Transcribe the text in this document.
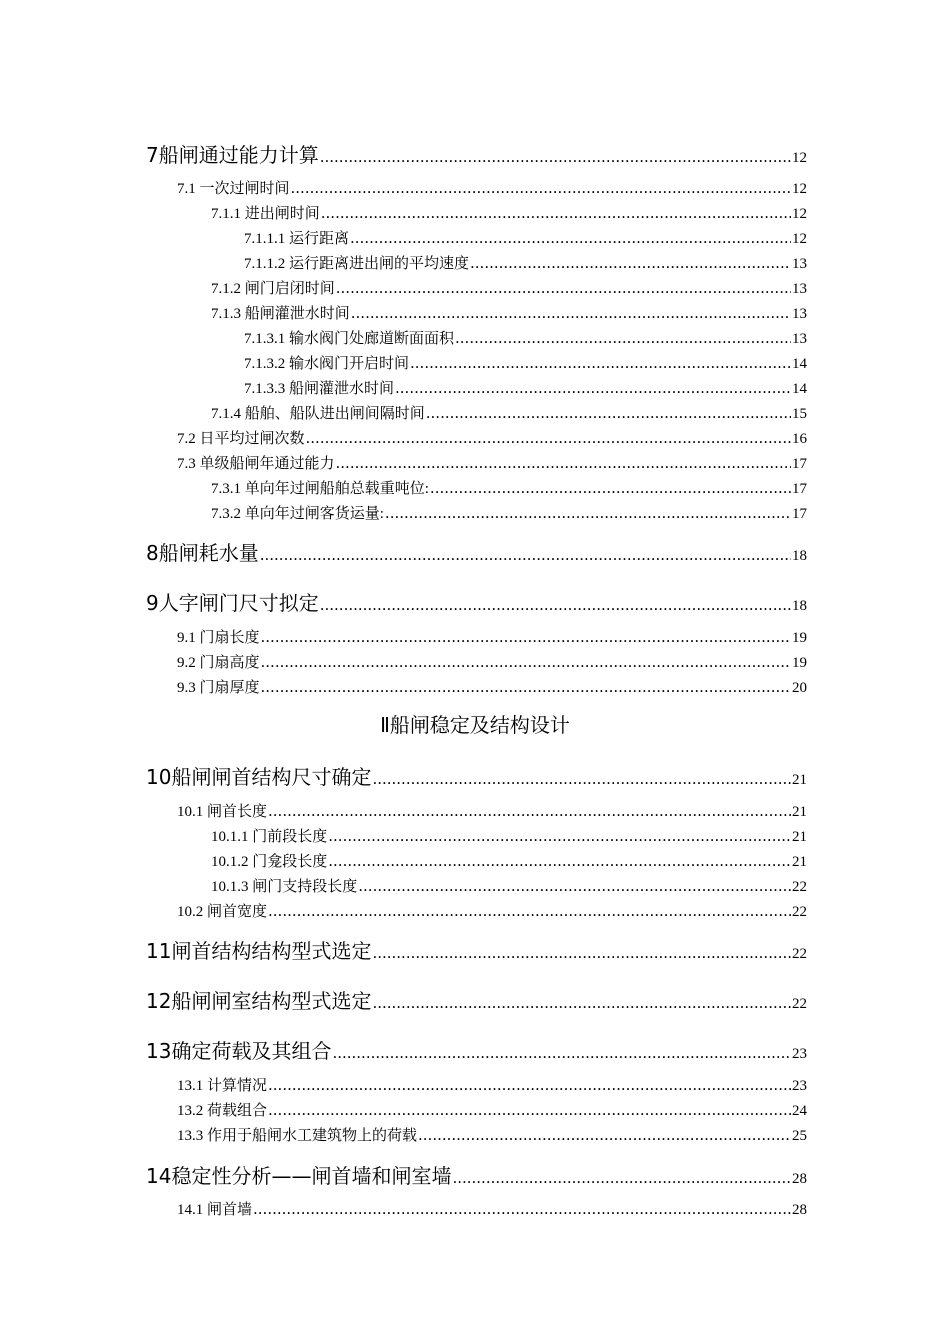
7船闸通过能力计算 .....	12
7.1 一次过闸时间 .....	12
7.1.1 进出闸时间 .....	12
7.1.1.1 运行距离 .....	12
7.1.1.2 运行距离进出闸的平均速度 .....	13
7.1.2 闸门启闭时间 .....	13
7.1.3 船闸灌泄水时间 .....	13
7.1.3.1 输水阀门处廊道断面面积 .....	13
7.1.3.2 输水阀门开启时间 .....	14
7.1.3.3 船闸灌泄水时间 .....	14
7.1.4 船舶、船队进出闸间隔时间 .....	15
7.2 日平均过闸次数 .....	16
7.3 单级船闸年通过能力 .....	17
7.3.1 单向年过闸船舶总载重吨位: .....	17
7.3.2 单向年过闸客货运量: .....	17
8船闸耗水量 .....	18
9人字闸门尺寸拟定 .....	18
9.1 门扇长度 .....	19
9.2 门扇高度 .....	19
9.3 门扇厚度 .....	20
Ⅱ船闸稳定及结构设计
10船闸闸首结构尺寸确定 .....	21
10.1 闸首长度 .....	21
10.1.1 门前段长度 .....	21
10.1.2 门龛段长度 .....	21
10.1.3 闸门支持段长度 .....	22
10.2 闸首宽度 .....	22
11闸首结构结构型式选定 .....	22
12船闸闸室结构型式选定 .....	22
13确定荷载及其组合 .....	23
13.1 计算情况 .....	23
13.2 荷载组合 .....	24
13.3 作用于船闸水工建筑物上的荷载 .....	25
14稳定性分析——闸首墙和闸室墙 .....	28
14.1 闸首墙 .....	28
